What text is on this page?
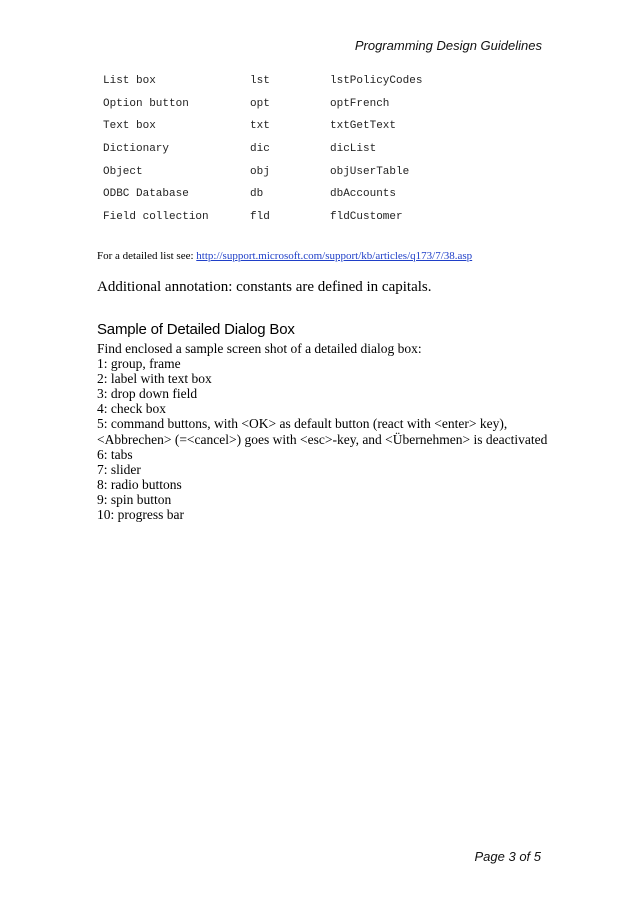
Programming Design Guidelines
List box	lst	lstPolicyCodes
Option button	opt	optFrench
Text box	txt	txtGetText
Dictionary	dic	dicList
Object	obj	objUserTable
ODBC Database	db	dbAccounts
Field collection	fld	fldCustomer
For a detailed list see: http://support.microsoft.com/support/kb/articles/q173/7/38.asp
Additional annotation: constants are defined in capitals.
Sample of Detailed Dialog Box
Find enclosed a sample screen shot of a detailed dialog box:
1: group, frame
2: label with text box
3: drop down field
4: check box
5: command buttons, with <OK> as default button (react with <enter> key),
<Abbrechen> (=<cancel>) goes with <esc>-key, and <Übernehmen> is deactivated
6: tabs
7: slider
8: radio buttons
9: spin button
10: progress bar
Page 3 of 5
